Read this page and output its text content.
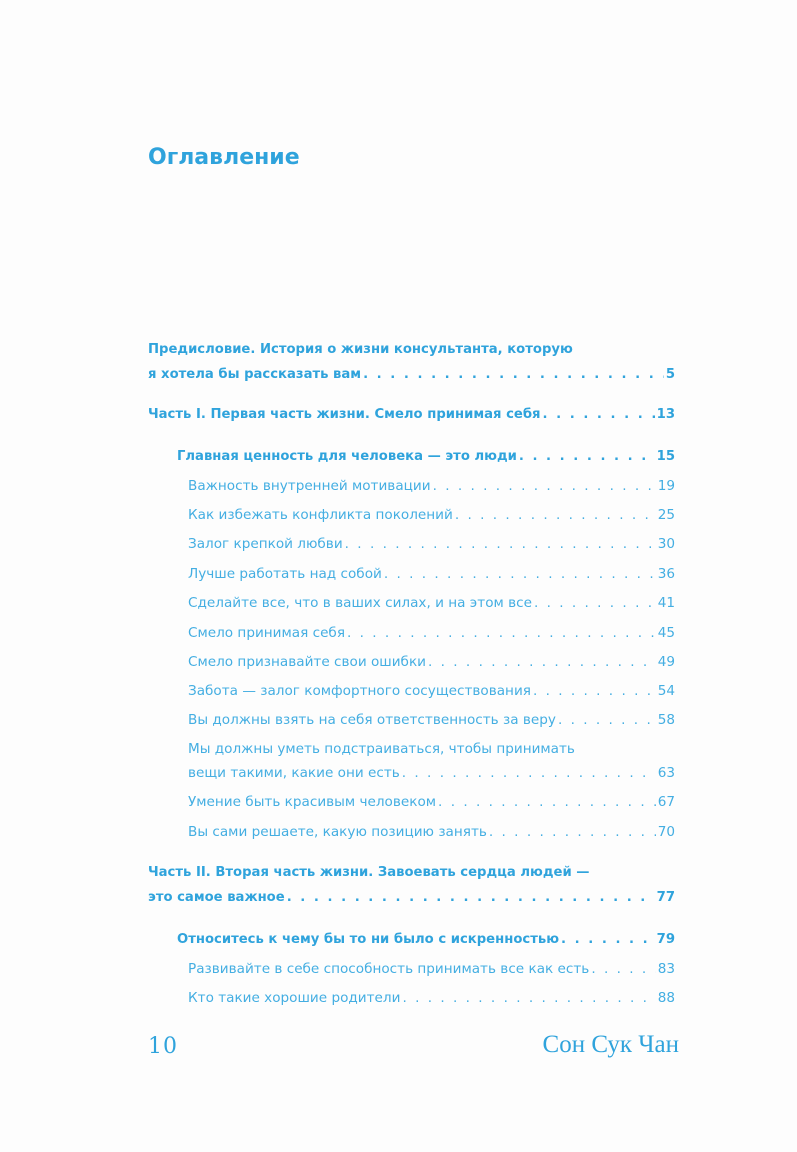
Оглавление
Предисловие. История о жизни консультанта, которую
я хотела бы рассказать вам . . .	5
Часть I. Первая часть жизни. Смело принимая себя . . .	13
Главная ценность для человека — это люди . . .	15
Важность внутренней мотивации . . .	19
Как избежать конфликта поколений . . .	25
Залог крепкой любви . . .	30
Лучше работать над собой . . .	36
Сделайте все, что в ваших силах, и на этом все . . .	41
Смело принимая себя . . .	45
Смело признавайте свои ошибки . . .	49
Забота — залог комфортного сосуществования . . .	54
Вы должны взять на себя ответственность за веру . . .	58
Мы должны уметь подстраиваться, чтобы принимать
вещи такими, какие они есть . . .	63
Умение быть красивым человеком . . .	67
Вы сами решаете, какую позицию занять . . .	70
Часть II. Вторая часть жизни. Завоевать сердца людей —
это самое важное . . .	77
Относитесь к чему бы то ни было с искренностью . . .	79
Развивайте в себе способность принимать все как есть . . .	83
Кто такие хорошие родители . . .	88
10	Сон Сук Чан
